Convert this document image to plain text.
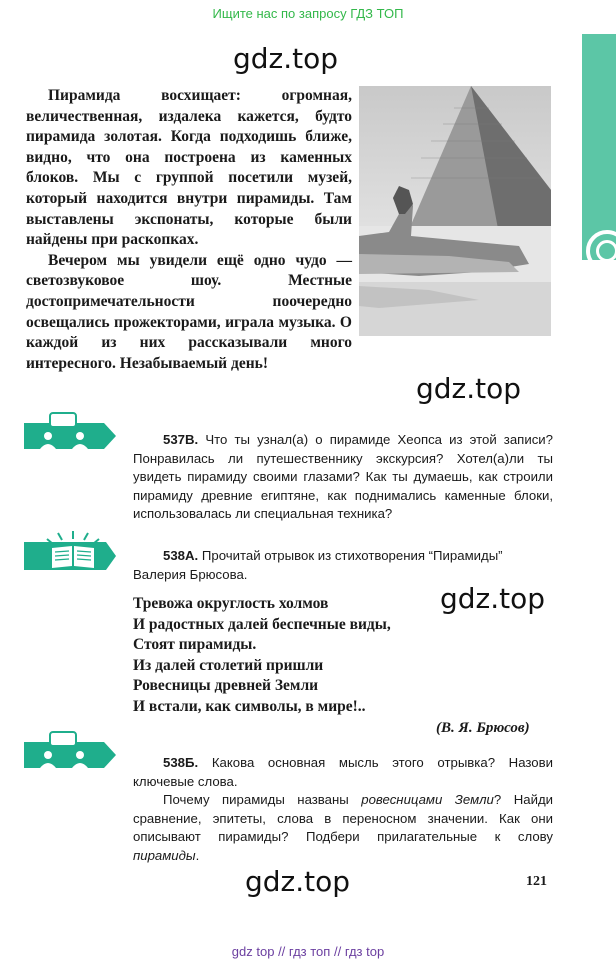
Ищите нас по запросу ГДЗ ТОП
gdz.top

Пирамида восхищает: огромная, величественная, издалека кажется, будто пирамида золотая. Когда подходишь ближе, видно, что она построена из каменных блоков. Мы с группой посетили музей, который находится внутри пирамиды. Там выставлены экспонаты, которые были найдены при раскопках.

Вечером мы увидели ещё одно чудо — светозвуковое шоу. Местные достопримечательности поочередно освещались прожекторами, играла музыка. О каждой из них рассказывали много интересного. Незабываемый день!

gdz.top

537В. Что ты узнал(а) о пирамиде Хеопса из этой записи? Понравилась ли путешественнику экскурсия? Хотел(а)ли ты увидеть пирамиду своими глазами? Как ты думаешь, как строили пирамиду древние египтяне, как поднимались каменные блоки, использовалась ли специальная техника?

538А. Прочитай отрывок из стихотворения “Пирамиды” Валерия Брюсова.

gdz.top
Тревожа округлость холмов
И радостных далей беспечные виды,
Стоят пирамиды.
Из далей столетий пришли
Ровесницы древней Земли
И встали, как символы, в мире!..
(В. Я. Брюсов)

538Б. Какова основная мысль этого отрывка? Назови ключевые слова.

Почему пирамиды названы ровесницами Земли? Найди сравнение, эпитеты, слова в переносном значении. Как они описывают пирамиды? Подбери прилагательные к слову пирамиды.

gdz.top	121
gdz top // гдз топ // гдз top
